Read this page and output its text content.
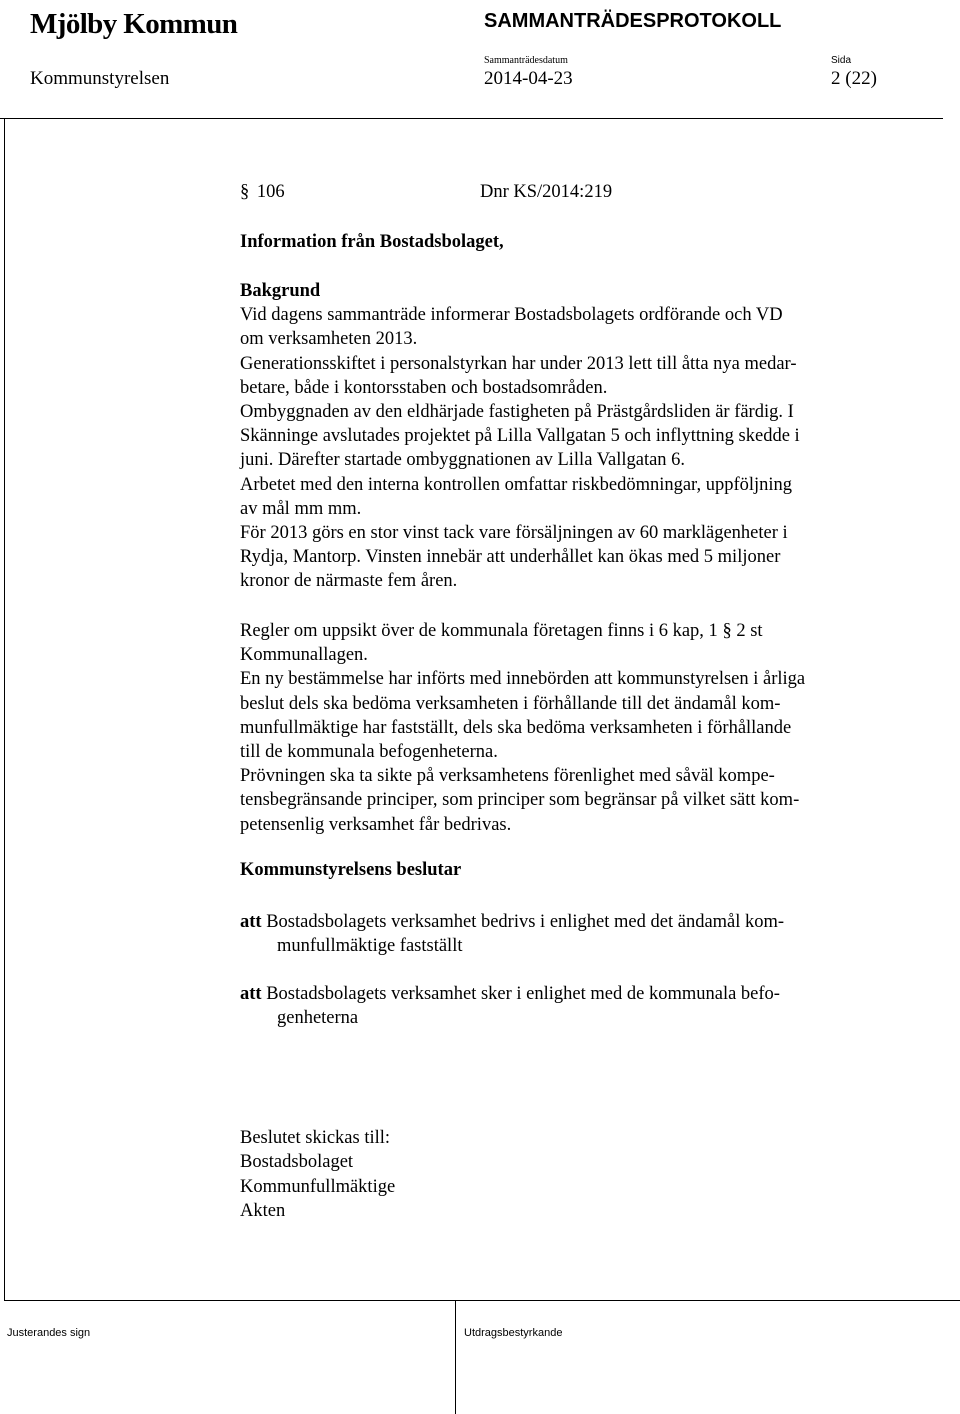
Mjölby Kommun	SAMMANTRÄDESPROTOKOLL
Sammanträdesdatum	Sida
Kommunstyrelsen	2014-04-23	2 (22)
§ 106	Dnr KS/2014:219
Information från Bostadsbolaget,
Bakgrund
Vid dagens sammanträde informerar Bostadsbolagets ordförande och VD
om verksamheten 2013.
Generationsskiftet i personalstyrkan har under 2013 lett till åtta nya medar-
betare, både i kontorsstaben och bostadsområden.
Ombyggnaden av den eldhärjade fastigheten på Prästgårdsliden är färdig. I
Skänninge avslutades projektet på Lilla Vallgatan 5 och inflyttning skedde i
juni. Därefter startade ombyggnationen av Lilla Vallgatan 6.
Arbetet med den interna kontrollen omfattar riskbedömningar, uppföljning
av mål mm mm.
För 2013 görs en stor vinst tack vare försäljningen av 60 marklägenheter i
Rydja, Mantorp. Vinsten innebär att underhållet kan ökas med 5 miljoner
kronor de närmaste fem åren.
Regler om uppsikt över de kommunala företagen finns i 6 kap, 1 § 2 st
Kommunallagen.
En ny bestämmelse har införts med innebörden att kommunstyrelsen i årliga
beslut dels ska bedöma verksamheten i förhållande till det ändamål kom-
munfullmäktige har fastställt, dels ska bedöma verksamheten i förhållande
till de kommunala befogenheterna.
Prövningen ska ta sikte på verksamhetens förenlighet med såväl kompe-
tensbegränsande principer, som principer som begränsar på vilket sätt kom-
petensenlig verksamhet får bedrivas.
Kommunstyrelsens beslutar
att Bostadsbolagets verksamhet bedrivs i enlighet med det ändamål kom-
munfullmäktige fastställt
att Bostadsbolagets verksamhet sker i enlighet med de kommunala befo-
genheterna
Beslutet skickas till:
Bostadsbolaget
Kommunfullmäktige
Akten
Justerandes sign	Utdragsbestyrkande
